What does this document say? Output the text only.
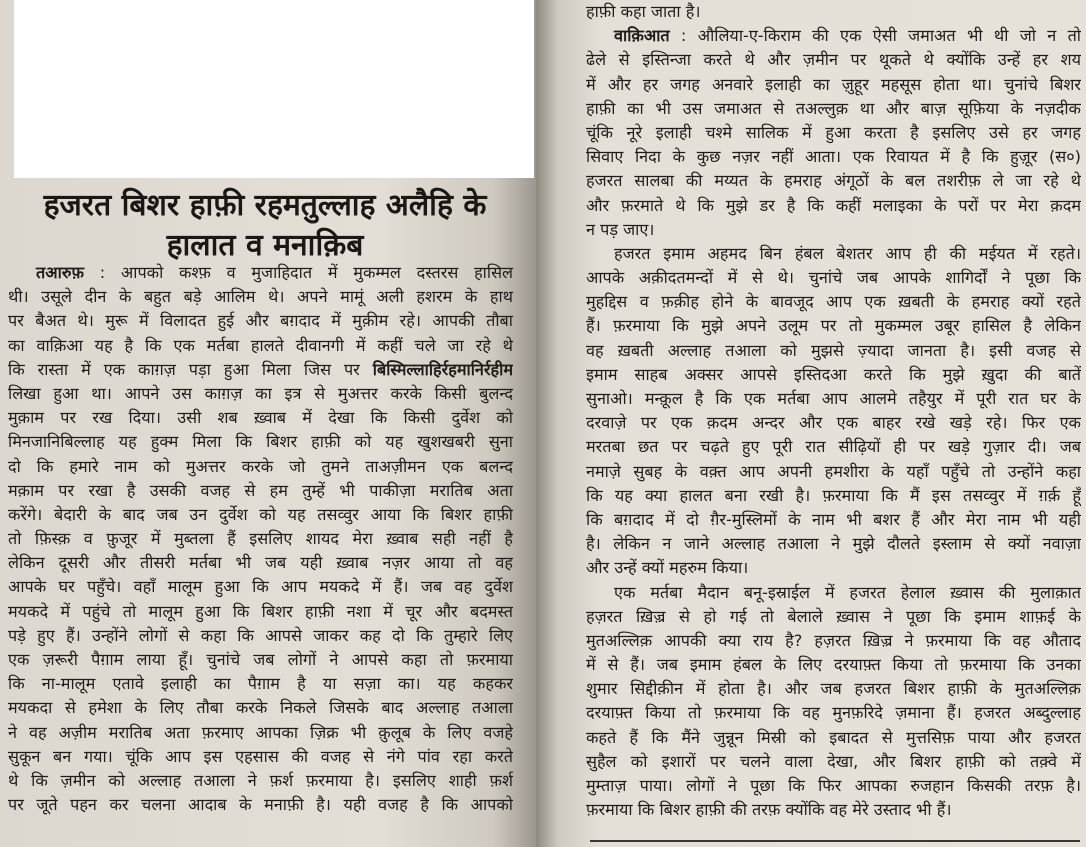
हजरत बिशर हाफ़ी रहमतुल्लाह अलैहि के
हालात व मनाक़िब
तआरुफ़ : आपको कश्फ़ व मुजाहिदात में मुकम्मल दस्तरस हासिल
थी। उसूले दीन के बहुत बड़े आलिम थे। अपने मामूं अली हशरम के हाथ
पर बैअत थे। मुरू में विलादत हुई और बग़दाद में मुक़ीम रहे। आपकी तौबा
का वाक़िआ यह है कि एक मर्तबा हालते दीवानगी में कहीं चले जा रहे थे
कि रास्ता में एक काग़ज़ पड़ा हुआ मिला जिस पर बिस्मिल्लाहिर्रहमानिर्रहीम
लिखा हुआ था। आपने उस काग़ज़ का इत्र से मुअत्तर करके किसी बुलन्द
मुक़ाम पर रख दिया। उसी शब ख़्वाब में देखा कि किसी दुर्वेश को
मिनजानिबिल्लाह यह हुक्म मिला कि बिशर हाफ़ी को यह खुशखबरी सुना
दो कि हमारे नाम को मुअत्तर करके जो तुमने ताअज़ीमन एक बलन्द
मक़ाम पर रखा है उसकी वजह से हम तुम्हें भी पाकीज़ा मरातिब अता
करेंगे। बेदारी के बाद जब उन दुर्वेश को यह तसव्वुर आया कि बिशर हाफ़ी
तो फ़िस्क़ व फ़ुजूर में मुब्तला हैं इसलिए शायद मेरा ख़्वाब सही नहीं है
लेकिन दूसरी और तीसरी मर्तबा भी जब यही ख़्वाब नज़र आया तो वह
आपके घर पहुँचे। वहाँ मालूम हुआ कि आप मयकदे में हैं। जब वह दुर्वेश
मयकदे में पहुंचे तो मालूम हुआ कि बिशर हाफ़ी नशा में चूर और बदमस्त
पड़े हुए हैं। उन्होंने लोगों से कहा कि आपसे जाकर कह दो कि तुम्हारे लिए
एक ज़रूरी पैग़ाम लाया हूँ। चुनांचे जब लोगों ने आपसे कहा तो फ़रमाया
कि ना-मालूम एतावे इलाही का पैग़ाम है या सज़ा का। यह कहकर
मयकदा से हमेशा के लिए तौबा करके निकले जिसके बाद अल्लाह तआला
ने वह अज़ीम मरातिब अता फ़रमाए आपका ज़िक्र भी क़ुलूब के लिए वजहे
सुकून बन गया। चूंकि आप इस एहसास की वजह से नंगे पांव रहा करते
थे कि ज़मीन को अल्लाह तआला ने फ़र्श फ़रमाया है। इसलिए शाही फ़र्श
पर जूते पहन कर चलना आदाब के मनाफ़ी है। यही वजह है कि आपको
हाफ़ी कहा जाता है।
वाक़िआत : औलिया-ए-किराम की एक ऐसी जमाअत भी थी जो न तो
ढेले से इस्तिन्जा करते थे और ज़मीन पर थूकते थे क्योंकि उन्हें हर शय
में और हर जगह अनवारे इलाही का ज़ुहूर महसूस होता था। चुनांचे बिशर
हाफ़ी का भी उस जमाअत से तअल्लुक़ था और बाज़ सूफ़िया के नज़दीक
चूंकि नूरे इलाही चश्मे सालिक में हुआ करता है इसलिए उसे हर जगह
सिवाए निदा के कुछ नज़र नहीं आता। एक रिवायत में है कि हुज़ूर (स०)
हजरत सालबा की मय्यत के हमराह अंगूठों के बल तशरीफ़ ले जा रहे थे
और फ़रमाते थे कि मुझे डर है कि कहीं मलाइका के परों पर मेरा क़दम
न पड़ जाए।
हजरत इमाम अहमद बिन हंबल बेशतर आप ही की मईयत में रहते।
आपके अक़ीदतमन्दों में से थे। चुनांचे जब आपके शागिर्दों ने पूछा कि
मुहद्दिस व फ़क़ीह होने के बावजूद आप एक ख़बती के हमराह क्यों रहते
हैं। फ़रमाया कि मुझे अपने उलूम पर तो मुकम्मल उबूर हासिल है लेकिन
वह ख़बती अल्लाह तआला को मुझसे ज़्यादा जानता है। इसी वजह से
इमाम साहब अक्सर आपसे इस्तिदआ करते कि मुझे ख़ुदा की बातें
सुनाओ। मन्क़ूल है कि एक मर्तबा आप आलमे तहैयुर में पूरी रात घर के
दरवाज़े पर एक क़दम अन्दर और एक बाहर रखे खड़े रहे। फिर एक
मरतबा छत पर चढ़ते हुए पूरी रात सीढ़ियों ही पर खड़े गुज़ार दी। जब
नमाज़े सुबह के वक़्त आप अपनी हमशीरा के यहाँ पहुँचे तो उन्होंने कहा
कि यह क्या हालत बना रखी है। फ़रमाया कि मैं इस तसव्वुर में ग़र्क़ हूँ
कि बग़दाद में दो ग़ैर-मुस्लिमों के नाम भी बशर हैं और मेरा नाम भी यही
है। लेकिन न जाने अल्लाह तआला ने मुझे दौलते इस्लाम से क्यों नवाज़ा
और उन्हें क्यों महरुम किया।
एक मर्तबा मैदान बनू-इस्राईल में हजरत हेलाल ख़्वास की मुलाक़ात
हज़रत ख़िज़्र से हो गई तो बेलाले ख़्वास ने पूछा कि इमाम शाफ़ई के
मुतअल्लिक़ आपकी क्या राय है? हज़रत ख़िज़्र ने फ़रमाया कि वह औताद
में से हैं। जब इमाम हंबल के लिए दरयाफ़्त किया तो फ़रमाया कि उनका
शुमार सिद्दीक़ीन में होता है। और जब हजरत बिशर हाफ़ी के मुतअल्लिक़
दरयाफ़्त किया तो फ़रमाया कि वह मुनफ़रिदे ज़माना हैं। हजरत अब्दुल्लाह
कहते हैं कि मैंने जुन्नून मिस्री को इबादत से मुत्तसिफ़ पाया और हजरत
सुहैल को इशारों पर चलने वाला देखा, और बिशर हाफ़ी को तक़्वे में
मुम्ताज़ पाया। लोगों ने पूछा कि फिर आपका रुजहान किसकी तरफ़ है।
फ़रमाया कि बिशर हाफ़ी की तरफ़ क्योंकि वह मेरे उस्ताद भी हैं।
